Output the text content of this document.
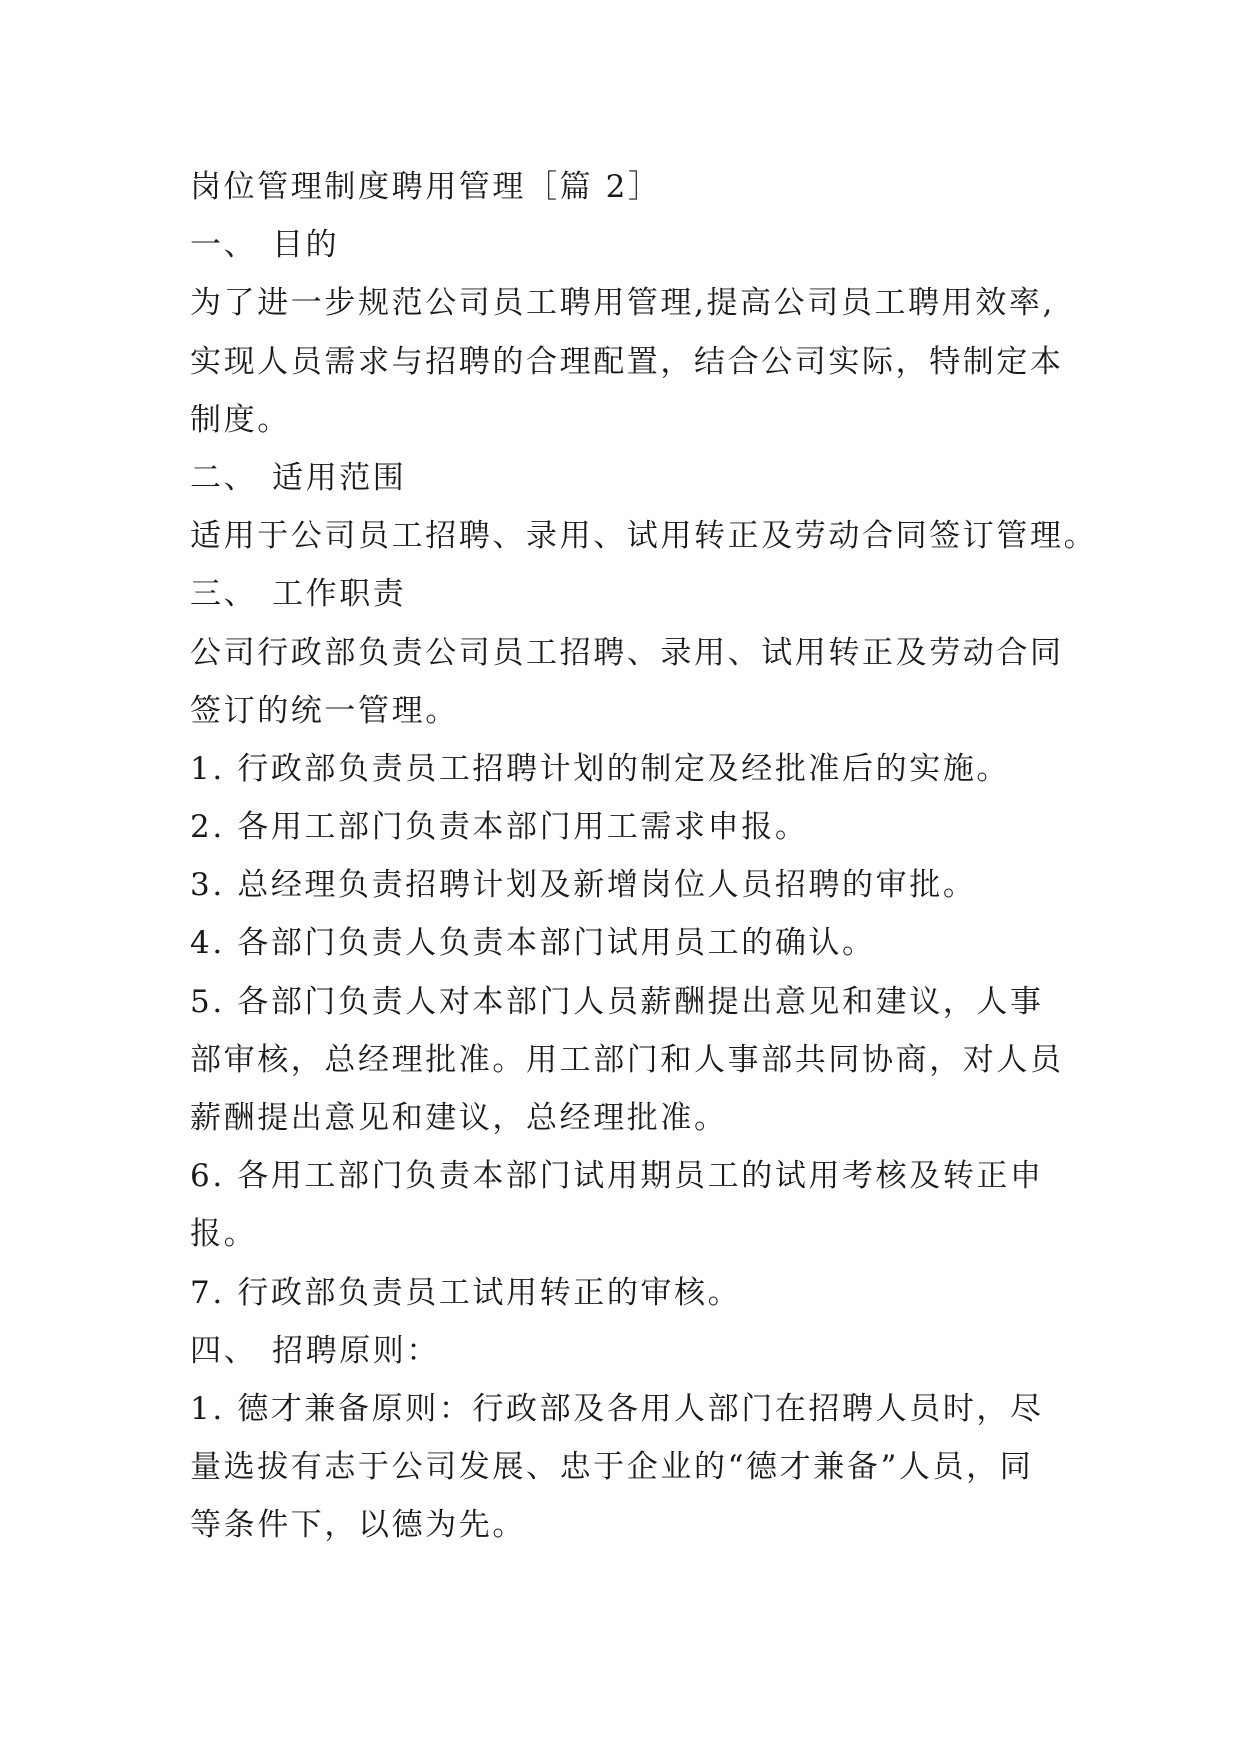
岗位管理制度聘用管理［篇 2］
一、 目的
为了进一步规范公司员工聘用管理,提高公司员工聘用效率,
实现人员需求与招聘的合理配置，结合公司实际，特制定本
制度。
二、 适用范围
适用于公司员工招聘、录用、试用转正及劳动合同签订管理。
三、 工作职责
公司行政部负责公司员工招聘、录用、试用转正及劳动合同
签订的统一管理。
1. 行政部负责员工招聘计划的制定及经批准后的实施。
2. 各用工部门负责本部门用工需求申报。
3. 总经理负责招聘计划及新增岗位人员招聘的审批。
4. 各部门负责人负责本部门试用员工的确认。
5. 各部门负责人对本部门人员薪酬提出意见和建议，人事
部审核，总经理批准。用工部门和人事部共同协商，对人员
薪酬提出意见和建议，总经理批准。
6. 各用工部门负责本部门试用期员工的试用考核及转正申
报。
7. 行政部负责员工试用转正的审核。
四、 招聘原则：
1. 德才兼备原则：行政部及各用人部门在招聘人员时，尽
量选拔有志于公司发展、忠于企业的“德才兼备”人员，同
等条件下，以德为先。
